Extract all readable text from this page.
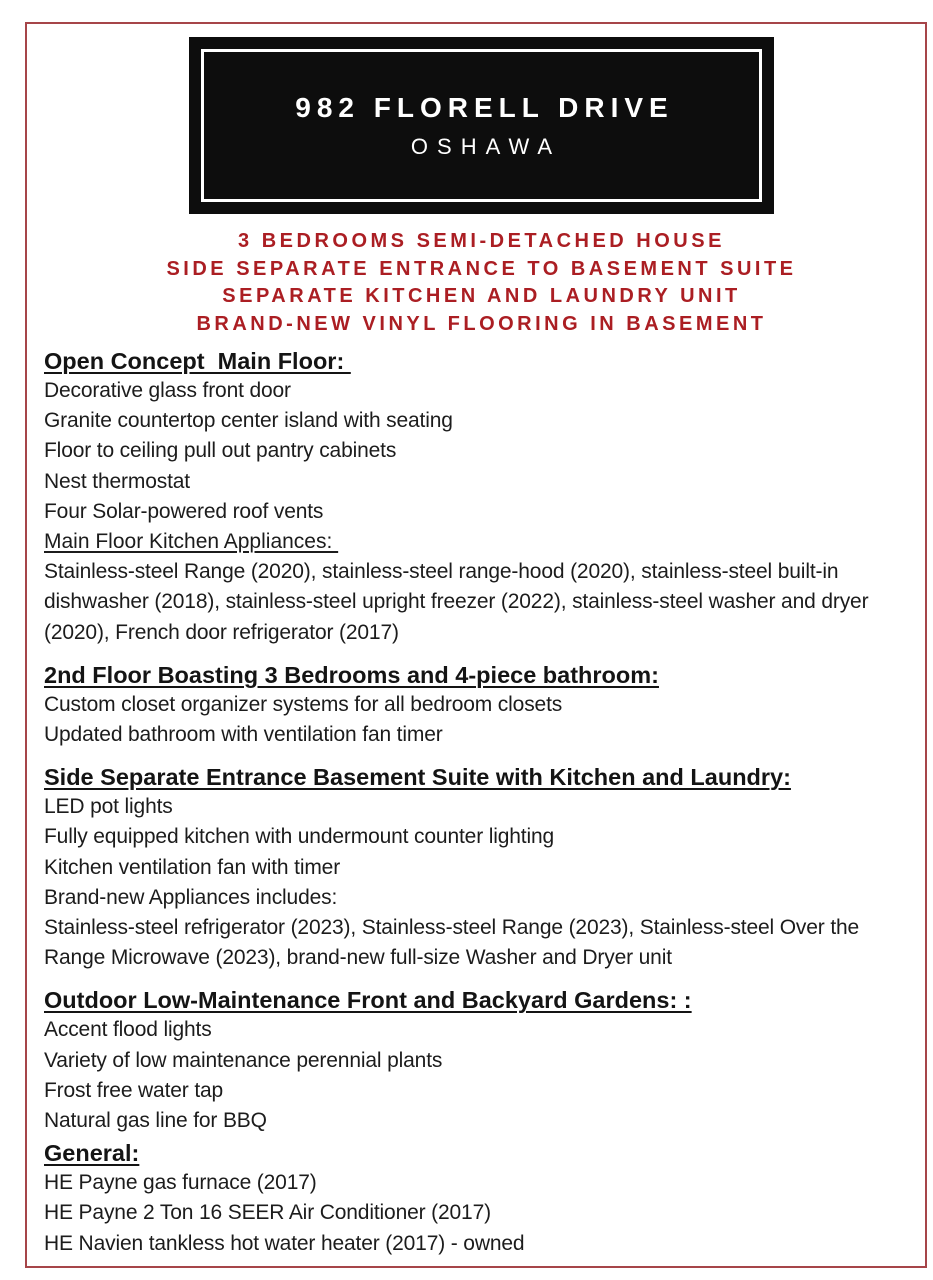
982 FLORELL DRIVE
OSHAWA
3 BEDROOMS SEMI-DETACHED HOUSE
SIDE SEPARATE ENTRANCE TO BASEMENT SUITE
SEPARATE KITCHEN AND LAUNDRY UNIT
BRAND-NEW VINYL FLOORING IN BASEMENT
Open Concept  Main Floor:
Decorative glass front door
Granite countertop center island with seating
Floor to ceiling pull out pantry cabinets
Nest thermostat
Four Solar-powered roof vents
Main Floor Kitchen Appliances:
Stainless-steel Range (2020), stainless-steel range-hood (2020), stainless-steel built-in dishwasher (2018), stainless-steel upright freezer (2022), stainless-steel washer and dryer (2020), French door refrigerator (2017)
2nd Floor Boasting 3 Bedrooms and 4-piece bathroom:
Custom closet organizer systems for all bedroom closets
Updated bathroom with ventilation fan timer
Side Separate Entrance Basement Suite with Kitchen and Laundry:
LED pot lights
Fully equipped kitchen with undermount counter lighting
Kitchen ventilation fan with timer
Brand-new Appliances includes:
Stainless-steel refrigerator (2023), Stainless-steel Range (2023), Stainless-steel Over the Range Microwave (2023), brand-new full-size Washer and Dryer unit
Outdoor Low-Maintenance Front and Backyard Gardens: :
Accent flood lights
Variety of low maintenance perennial plants
Frost free water tap
Natural gas line for BBQ
General:
HE Payne gas furnace (2017)
HE Payne 2 Ton 16 SEER Air Conditioner (2017)
HE Navien tankless hot water heater (2017) - owned
